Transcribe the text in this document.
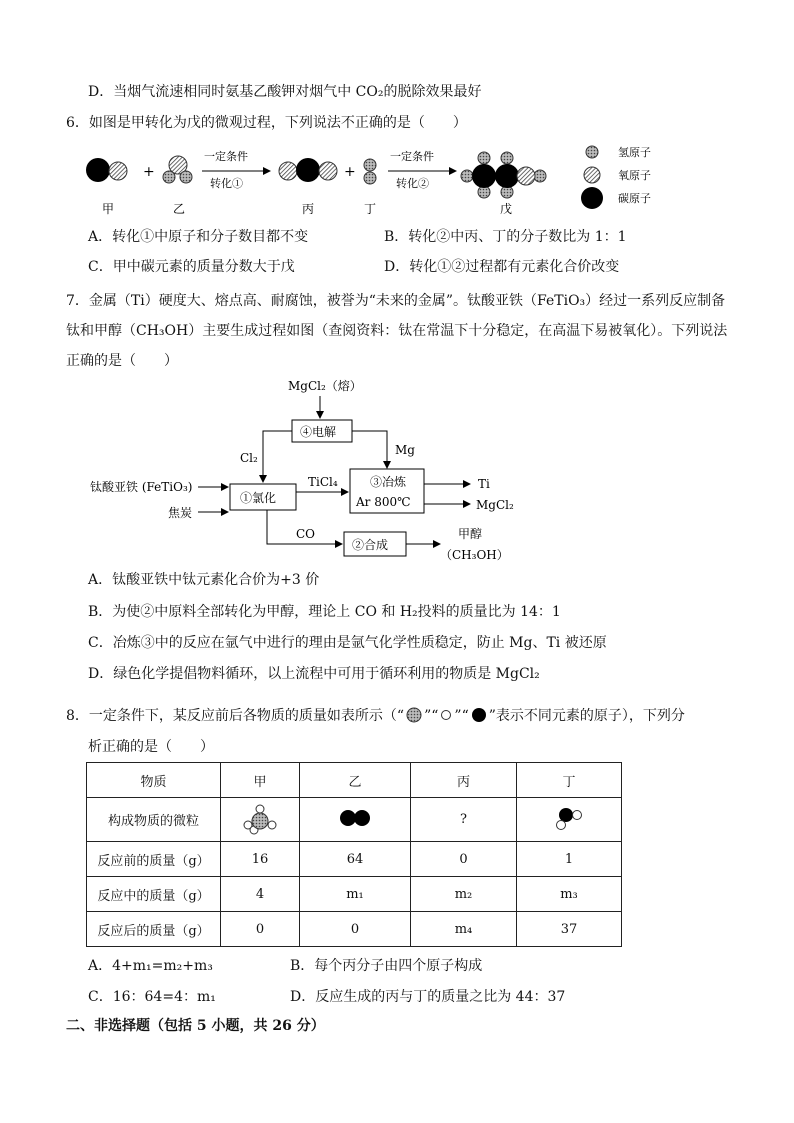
D．当烟气流速相同时氨基乙酸钾对烟气中 CO₂的脱除效果最好
6．如图是甲转化为戊的微观过程，下列说法不正确的是（　　）
+
一定条件
转化①
+
一定条件
转化②
甲	乙	丙	丁	戊
氢原子
氧原子
碳原子
A．转化①中原子和分子数目都不变	B．转化②中丙、丁的分子数比为 1：1
C．甲中碳元素的质量分数大于戊	D．转化①②过程都有元素化合价改变
7．金属（Ti）硬度大、熔点高、耐腐蚀，被誉为“未来的金属”。钛酸亚铁（FeTiO₃）经过一系列反应制备
钛和甲醇（CH₃OH）主要生成过程如图（查阅资料：钛在常温下十分稳定，在高温下易被氧化）。下列说法
正确的是（　　）
MgCl₂（熔）
④电解
Cl₂
Mg
钛酸亚铁 (FeTiO₃)
焦炭
①氯化
TiCl₄	③冶炼
Ar 800℃
Ti
MgCl₂
CO
②合成
甲醇
（CH₃OH）
A．钛酸亚铁中钛元素化合价为+3 价
B．为使②中原料全部转化为甲醇，理论上 CO 和 H₂投料的质量比为 14：1
C．冶炼③中的反应在氩气中进行的理由是氩气化学性质稳定，防止 Mg、Ti 被还原
D．绿色化学提倡物料循环，以上流程中可用于循环利用的物质是 MgCl₂
8．一定条件下，某反应前后各物质的质量如表所示（“ ”“ ”“ ”表示不同元素的原子），下列分
析正确的是（　　）
物质	甲	乙	丙	丁
构成物质的微粒			?	
反应前的质量（g）	16	64	0	1
反应中的质量（g）	4	m₁	m₂	m₃
反应后的质量（g）	0	0	m₄	37
A．4+m₁=m₂+m₃	B．每个丙分子由四个原子构成
C．16：64=4：m₁	D．反应生成的丙与丁的质量之比为 44：37
二、非选择题（包括 5 小题，共 26 分）
